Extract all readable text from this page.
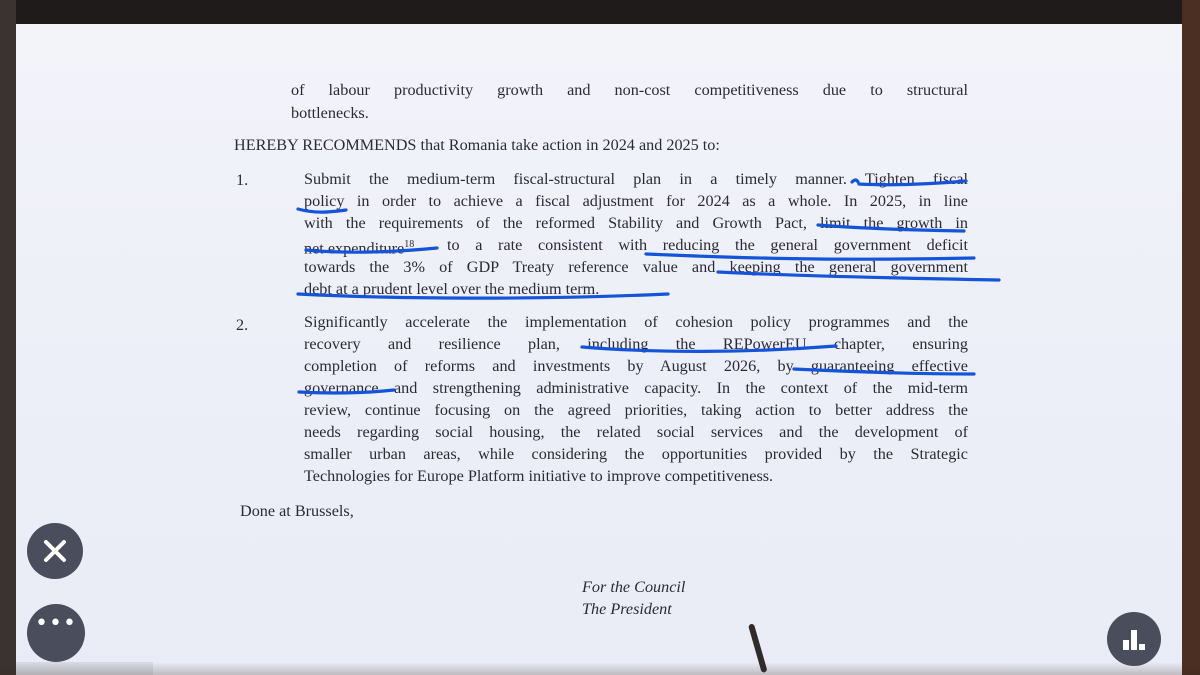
of labour productivity growth and non-cost competitiveness due to structural
bottlenecks.
HEREBY RECOMMENDS that Romania take action in 2024 and 2025 to:
1.	Submit the medium-term fiscal-structural plan in a timely manner. Tighten fiscal
policy in order to achieve a fiscal adjustment for 2024 as a whole. In 2025, in line
with the requirements of the reformed Stability and Growth Pact, limit the growth in
net expenditure$^{18}$ to a rate consistent with reducing the general government deficit
towards the 3% of GDP Treaty reference value and keeping the general government
debt at a prudent level over the medium term.
2.	Significantly accelerate the implementation of cohesion policy programmes and the
recovery and resilience plan, including the REPowerEU chapter, ensuring
completion of reforms and investments by August 2026, by guaranteeing effective
governance and strengthening administrative capacity. In the context of the mid-term
review, continue focusing on the agreed priorities, taking action to better address the
needs regarding social housing, the related social services and the development of
smaller urban areas, while considering the opportunities provided by the Strategic
Technologies for Europe Platform initiative to improve competitiveness.
Done at Brussels,
For the Council
The President
•••
